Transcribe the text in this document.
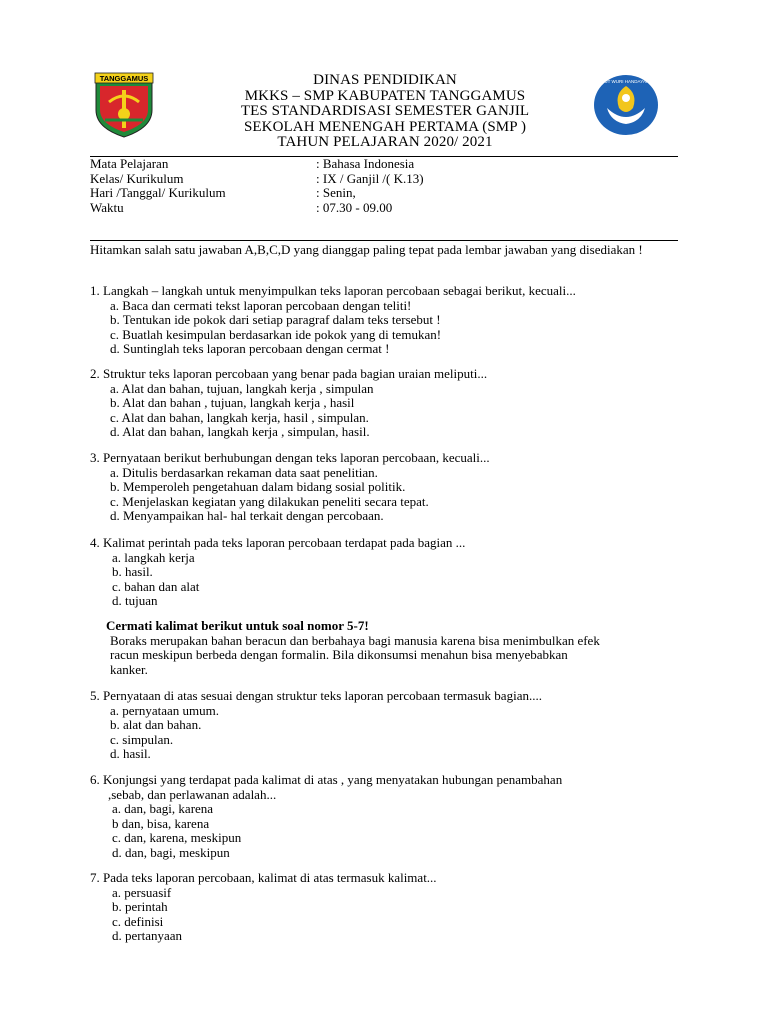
TANGGAMUS	DINAS PENDIDIKAN
MKKS – SMP KABUPATEN TANGGAMUS
TES STANDARDISASI SEMESTER GANJIL
SEKOLAH MENENGAH PERTAMA (SMP )
TAHUN PELAJARAN 2020/ 2021
TUT WURI HANDAYANI
Mata Pelajaran	: Bahasa Indonesia
Kelas/ Kurikulum	: IX / Ganjil /( K.13)
Hari /Tanggal/ Kurikulum	: Senin,
Waktu	: 07.30 - 09.00
Hitamkan salah satu jawaban A,B,C,D yang dianggap paling tepat pada lembar jawaban yang disediakan !
1. Langkah – langkah untuk menyimpulkan teks laporan percobaan sebagai berikut, kecuali...
a. Baca dan cermati tekst laporan percobaan dengan teliti!
b. Tentukan ide pokok dari setiap paragraf dalam teks tersebut !
c. Buatlah kesimpulan berdasarkan ide pokok yang di temukan!
d. Suntinglah teks laporan percobaan dengan cermat !
2. Struktur teks laporan percobaan yang benar pada bagian uraian meliputi...
a. Alat dan bahan, tujuan, langkah kerja , simpulan
b. Alat dan bahan , tujuan, langkah kerja , hasil
c. Alat dan bahan, langkah kerja, hasil , simpulan.
d. Alat dan bahan, langkah kerja , simpulan, hasil.
3. Pernyataan berikut berhubungan dengan teks laporan percobaan, kecuali...
a. Ditulis berdasarkan rekaman data saat penelitian.
b. Memperoleh pengetahuan dalam bidang sosial politik.
c. Menjelaskan kegiatan yang dilakukan peneliti secara tepat.
d. Menyampaikan hal- hal terkait dengan percobaan.
4. Kalimat perintah pada teks laporan percobaan terdapat pada bagian ...
a. langkah kerja
b. hasil.
c. bahan dan alat
d. tujuan
Cermati kalimat berikut untuk soal nomor 5-7!
Boraks merupakan bahan beracun dan berbahaya bagi manusia karena bisa menimbulkan efek
racun meskipun berbeda dengan formalin. Bila dikonsumsi menahun bisa menyebabkan
kanker.
5. Pernyataan di atas sesuai dengan struktur teks laporan percobaan termasuk bagian....
a. pernyataan umum.
b. alat dan bahan.
c. simpulan.
d. hasil.
6. Konjungsi yang terdapat pada kalimat di atas , yang menyatakan hubungan penambahan
,sebab, dan perlawanan adalah...
a. dan, bagi, karena
b dan, bisa, karena
c. dan, karena, meskipun
d. dan, bagi, meskipun
7. Pada teks laporan percobaan, kalimat di atas termasuk kalimat...
a. persuasif
b. perintah
c. definisi
d. pertanyaan
